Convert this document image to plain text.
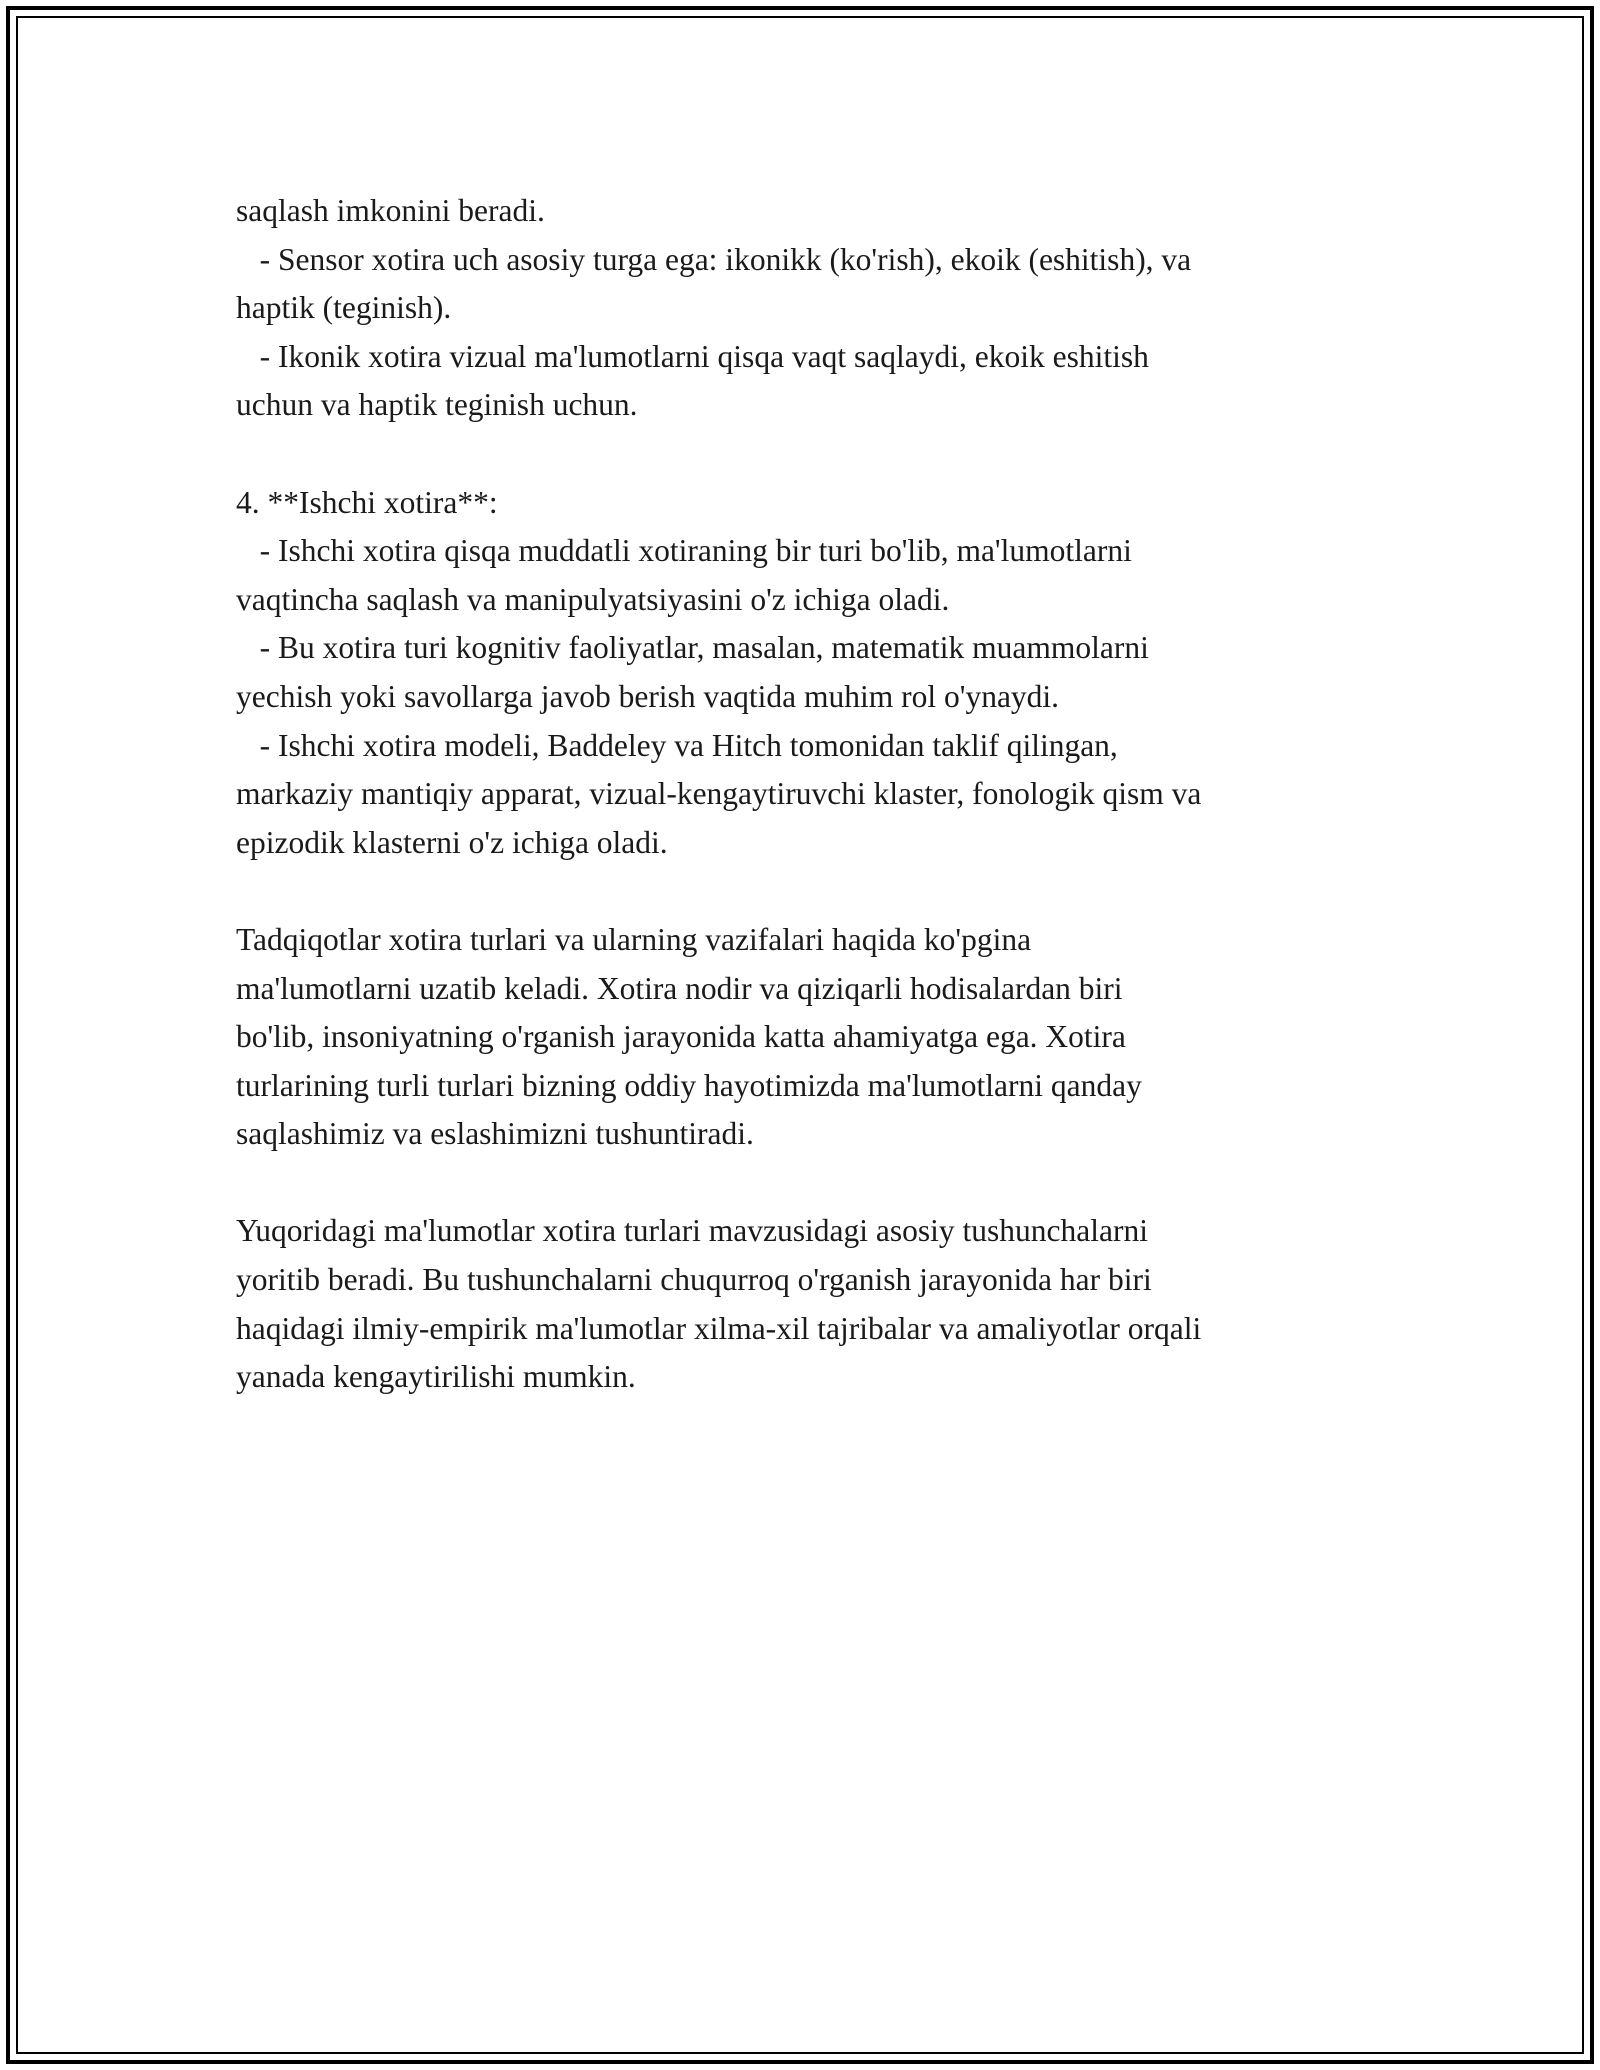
saqlash imkonini beradi.
- Sensor xotira uch asosiy turga ega: ikonikk (ko'rish), ekoik (eshitish), va
haptik (teginish).
- Ikonik xotira vizual ma'lumotlarni qisqa vaqt saqlaydi, ekoik eshitish
uchun va haptik teginish uchun.
4. **Ishchi xotira**:
- Ishchi xotira qisqa muddatli xotiraning bir turi bo'lib, ma'lumotlarni
vaqtincha saqlash va manipulyatsiyasini o'z ichiga oladi.
- Bu xotira turi kognitiv faoliyatlar, masalan, matematik muammolarni
yechish yoki savollarga javob berish vaqtida muhim rol o'ynaydi.
- Ishchi xotira modeli, Baddeley va Hitch tomonidan taklif qilingan,
markaziy mantiqiy apparat, vizual-kengaytiruvchi klaster, fonologik qism va
epizodik klasterni o'z ichiga oladi.
Tadqiqotlar xotira turlari va ularning vazifalari haqida ko'pgina
ma'lumotlarni uzatib keladi. Xotira nodir va qiziqarli hodisalardan biri
bo'lib, insoniyatning o'rganish jarayonida katta ahamiyatga ega. Xotira
turlarining turli turlari bizning oddiy hayotimizda ma'lumotlarni qanday
saqlashimiz va eslashimizni tushuntiradi.
Yuqoridagi ma'lumotlar xotira turlari mavzusidagi asosiy tushunchalarni
yoritib beradi. Bu tushunchalarni chuqurroq o'rganish jarayonida har biri
haqidagi ilmiy-empirik ma'lumotlar xilma-xil tajribalar va amaliyotlar orqali
yanada kengaytirilishi mumkin.
